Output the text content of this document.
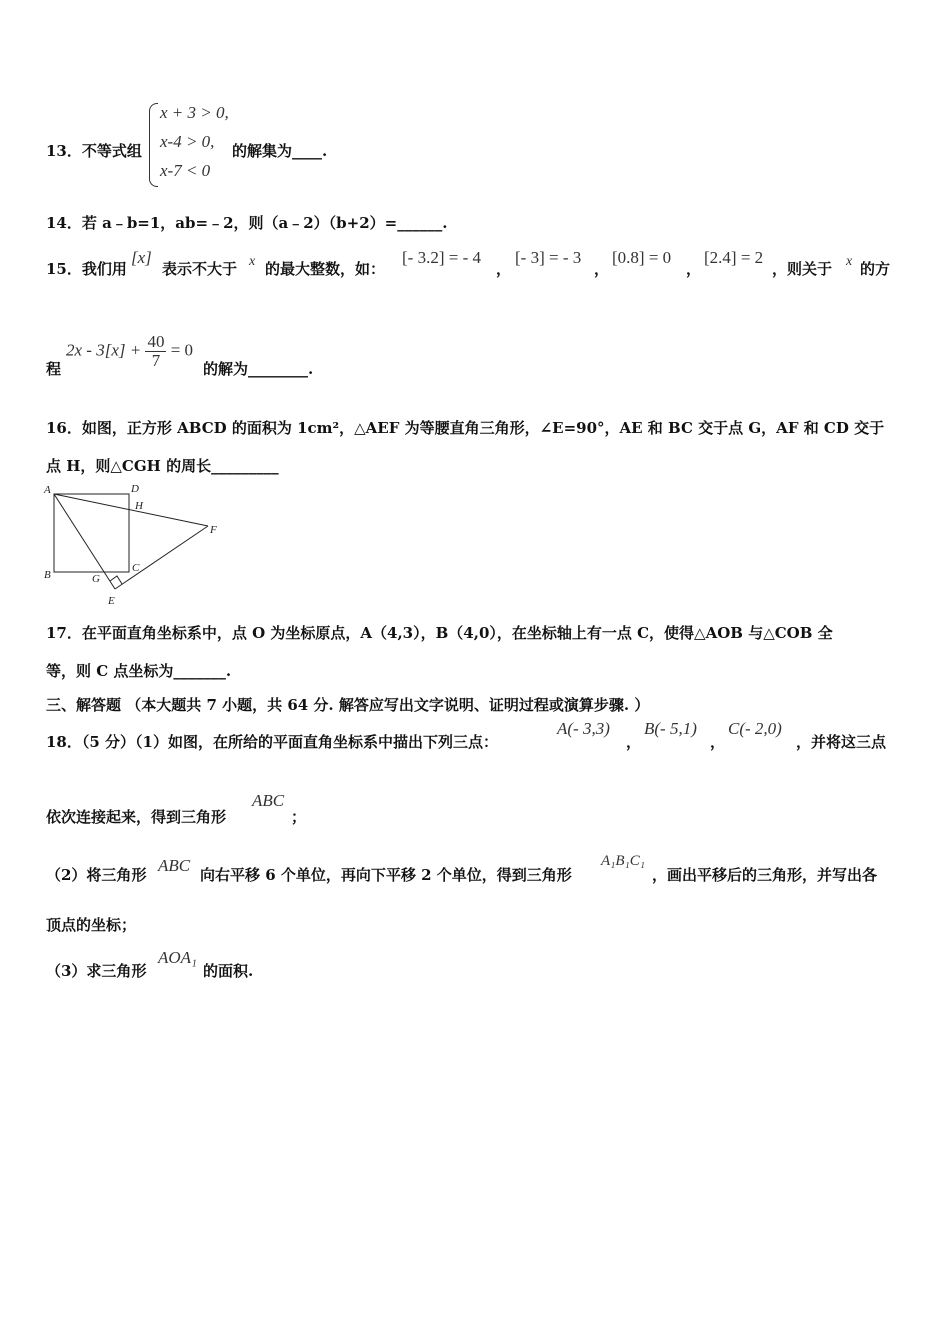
13．不等式组
x + 3 > 0,
x-4 > 0,
x-7 < 0
的解集为____.
14．若 a﹣b=1，ab=﹣2，则（a﹣2）（b+2）=______.
15．我们用
[x]
表示不大于 x 的最大整数，如：
[- 3.2] = - 4
，
[- 3] = - 3
，
[0.8] = 0
，
[2.4] = 2
，则关于 x 的方
程
$2x - 3[x] + \frac{40}{7} = 0$
的解为________.
16．如图，正方形 ABCD 的面积为 1cm²，△AEF 为等腰直角三角形，∠E=90°，AE 和 BC 交于点 G，AF 和 CD 交于
点 H，则△CGH 的周长_________
A	D
H
F
B	G
C
E
17．在平面直角坐标系中，点 O 为坐标原点，A（4,3），B（4,0），在坐标轴上有一点 C，使得△AOB 与△COB 全
等，则 C 点坐标为_______.
三、解答题 （本大题共 7 小题，共 64 分. 解答应写出文字说明、证明过程或演算步骤. ）
18．（5 分）（1）如图，在所给的平面直角坐标系中描出下列三点：
A(- 3,3)
，
B(- 5,1)
，
C(- 2,0)
，并将这三点
依次连接起来，得到三角形
ABC
；
（2）将三角形 ABC 向右平移 6 个单位，再向下平移 2 个单位，得到三角形
A₁B₁C₁
，画出平移后的三角形，并写出各
顶点的坐标；
（3）求三角形
AOA₁
的面积.
